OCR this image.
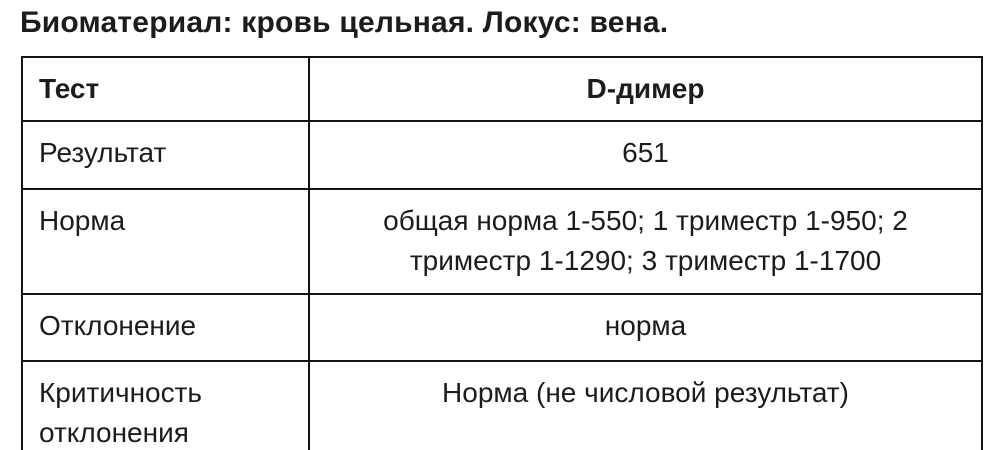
Биоматериал: кровь цельная. Локус: вена.
Тест	D-димер
Результат	651
Норма	общая норма 1-550; 1 триместр 1-950; 2 триместр 1-1290; 3 триместр 1-1700
Отклонение	норма
Критичность отклонения	Норма (не числовой результат)
